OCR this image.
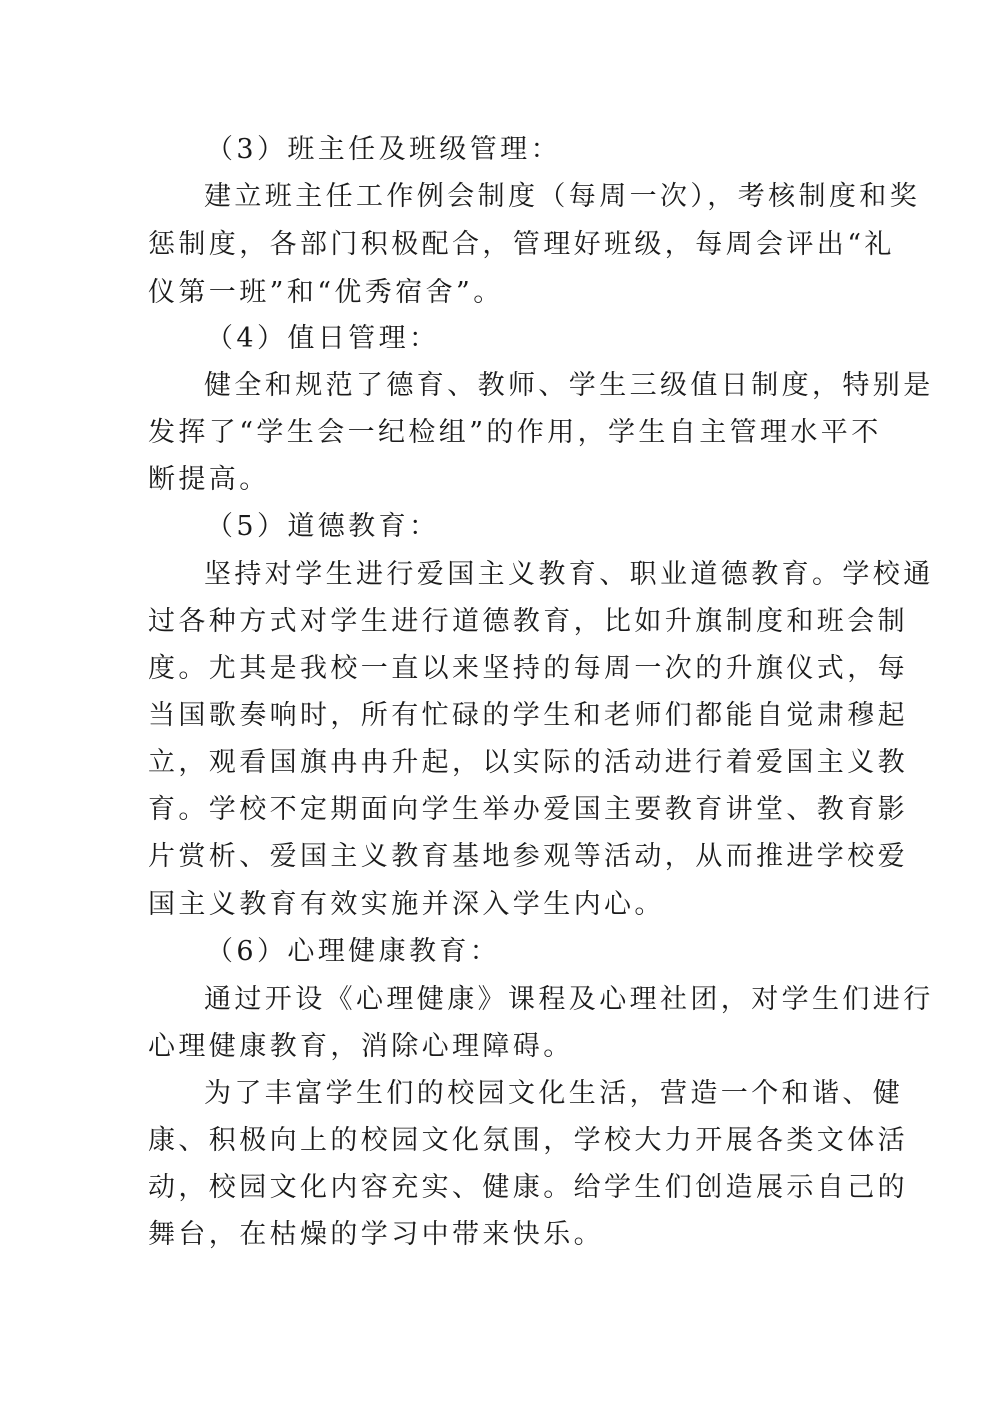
（3）班主任及班级管理：
建立班主任工作例会制度（每周一次），考核制度和奖
惩制度，各部门积极配合，管理好班级，每周会评出“礼
仪第一班”和“优秀宿舍”。
（4）值日管理：
健全和规范了德育、教师、学生三级值日制度，特别是
发挥了“学生会一纪检组”的作用，学生自主管理水平不
断提高。
（5）道德教育：
坚持对学生进行爱国主义教育、职业道德教育。学校通
过各种方式对学生进行道德教育，比如升旗制度和班会制
度。尤其是我校一直以来坚持的每周一次的升旗仪式，每
当国歌奏响时，所有忙碌的学生和老师们都能自觉肃穆起
立，观看国旗冉冉升起，以实际的活动进行着爱国主义教
育。学校不定期面向学生举办爱国主要教育讲堂、教育影
片赏析、爱国主义教育基地参观等活动，从而推进学校爱
国主义教育有效实施并深入学生内心。
（6）心理健康教育：
通过开设《心理健康》课程及心理社团，对学生们进行
心理健康教育，消除心理障碍。
为了丰富学生们的校园文化生活，营造一个和谐、健
康、积极向上的校园文化氛围，学校大力开展各类文体活
动，校园文化内容充实、健康。给学生们创造展示自己的
舞台，在枯燥的学习中带来快乐。
